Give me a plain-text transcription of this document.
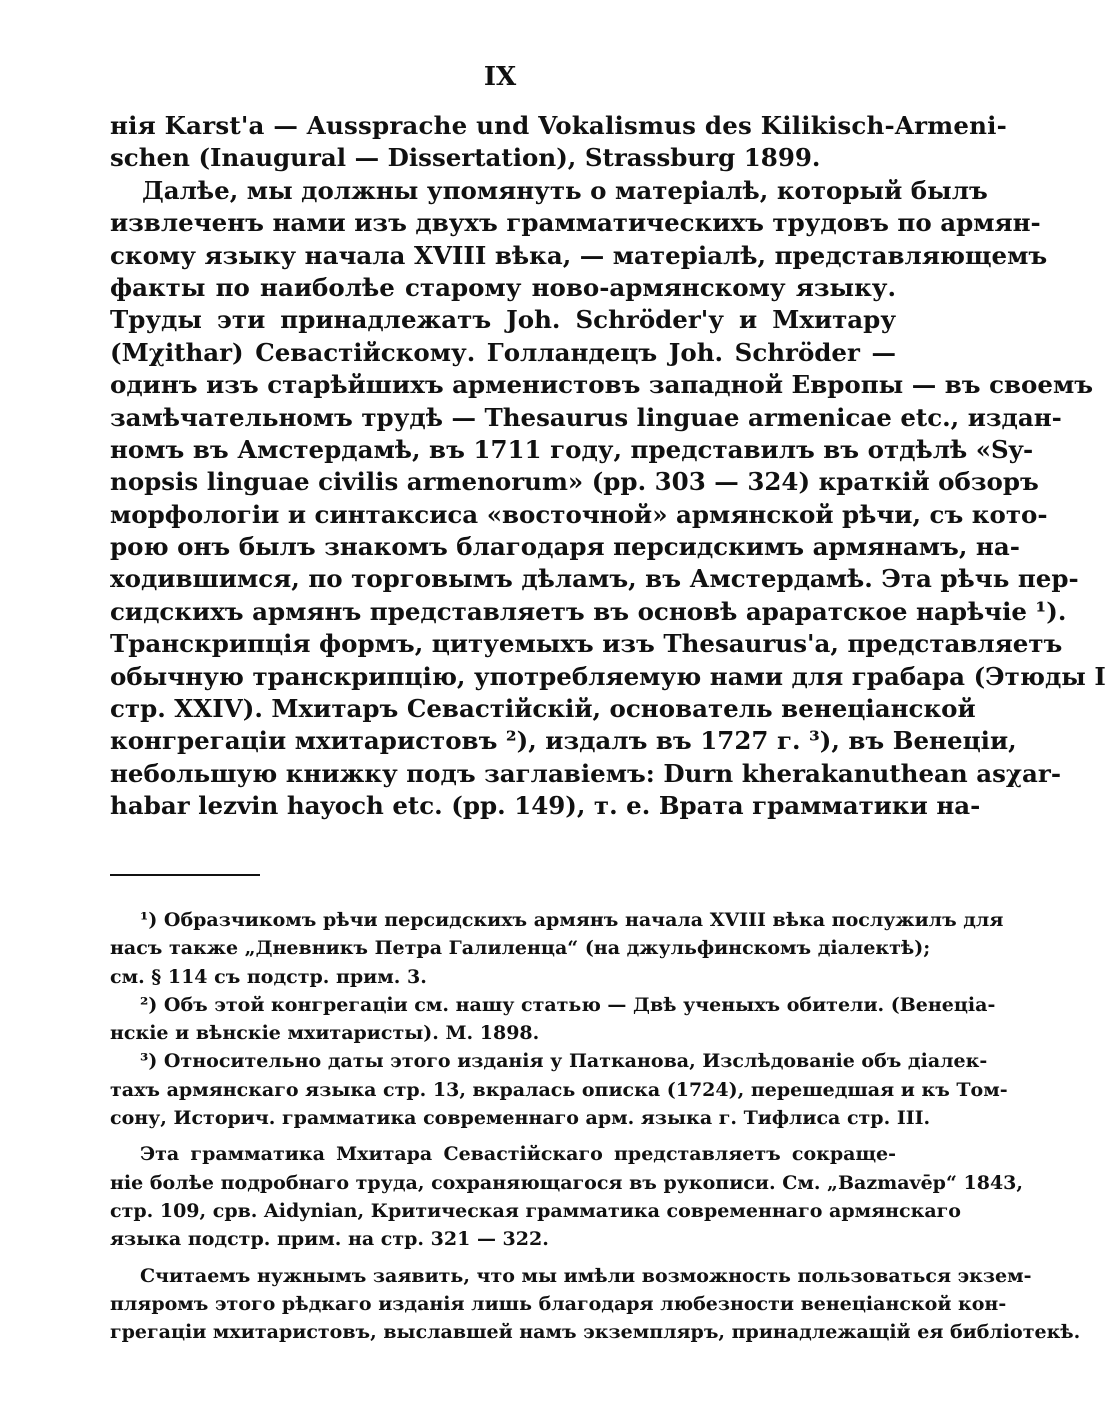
IX
нія Karst'a — Aussprache und Vokalismus des Kilikisch-Armeni-
schen (Inaugural — Dissertation), Strassburg 1899.
Далѣе, мы должны упомянуть о матеріалѣ, который былъ
извлеченъ нами изъ двухъ грамматическихъ трудовъ по армян-
скому языку начала XVIII вѣка, — матеріалѣ, представляющемъ
факты по наиболѣе старому ново-армянскому языку.
Труды эти принадлежатъ Joh. Schröder'у и Мхитару
(Mχithar) Севастійскому. Голландецъ Joh. Schröder —
одинъ изъ старѣйшихъ арменистовъ западной Европы — въ своемъ
замѣчательномъ трудѣ — Thesaurus linguae armenicae etc., издан-
номъ въ Амстердамѣ, въ 1711 году, представилъ въ отдѣлѣ «Sy-
nopsis linguae civilis armenorum» (pp. 303 — 324) краткій обзоръ
морфологіи и синтаксиса «восточной» армянской рѣчи, съ кото-
рою онъ былъ знакомъ благодаря персидскимъ армянамъ, на-
ходившимся, по торговымъ дѣламъ, въ Амстердамѣ. Эта рѣчь пер-
сидскихъ армянъ представляетъ въ основѣ араратское нарѣчіе ¹).
Транскрипція формъ, цитуемыхъ изъ Thesaurus'a, представляетъ
обычную транскрипцію, употребляемую нами для грабара (Этюды I
стр. XXIV). Мхитаръ Севастійскій, основатель венеціанской
конгрегаціи мхитаристовъ ²), издалъ въ 1727 г. ³), въ Венеціи,
небольшую книжку подъ заглавіемъ: Durn kherakanuthean asχar-
habar lezvin hayoch etc. (pp. 149), т. е. Врата грамматики на-
¹) Образчикомъ рѣчи персидскихъ армянъ начала XVIII вѣка послужилъ для
насъ также „Дневникъ Петра Галиленца“ (на джульфинскомъ діалектѣ);
см. § 114 съ подстр. прим. 3.
²) Объ этой конгрегаціи см. нашу статью — Двѣ ученыхъ обители. (Венеціа-
нскіе и вѣнскіе мхитаристы). М. 1898.
³) Относительно даты этого изданія у Патканова, Изслѣдованіе объ діалек-
тахъ армянскаго языка стр. 13, вкралась описка (1724), перешедшая и къ Том-
сону, Историч. грамматика современнаго арм. языка г. Тифлиса стр. III.
Эта грамматика Мхитара Севастійскаго представляетъ сокраще-
ніе болѣе подробнаго труда, сохраняющагося въ рукописи. См. „Bazmavēp“ 1843,
стр. 109, срв. Aidynian, Критическая грамматика современнаго армянскаго
языка подстр. прим. на стр. 321 — 322.
Считаемъ нужнымъ заявить, что мы имѣли возможность пользоваться экзем-
пляромъ этого рѣдкаго изданія лишь благодаря любезности венеціанской кон-
грегаціи мхитаристовъ, выславшей намъ экземпляръ, принадлежащій ея библіотекѣ.
